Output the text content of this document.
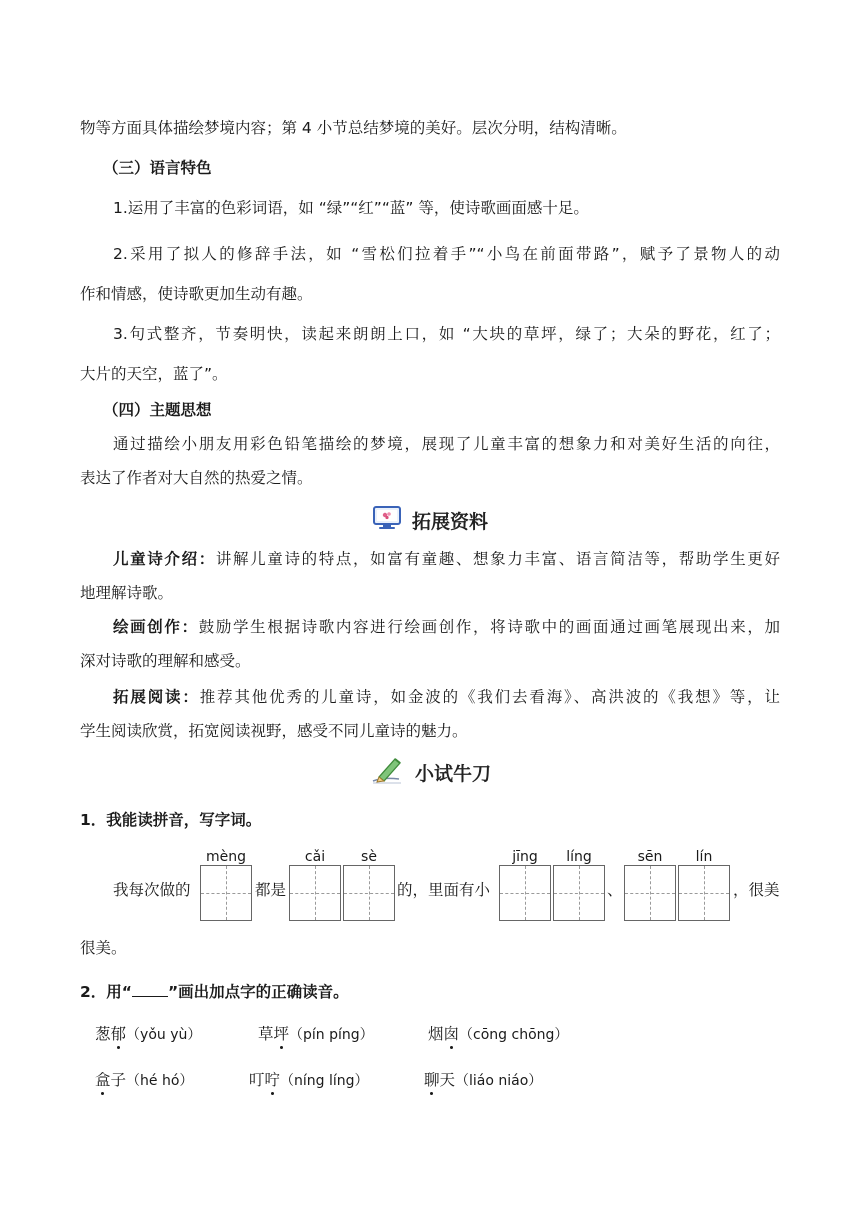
物等方面具体描绘梦境内容；第 4 小节总结梦境的美好。层次分明，结构清晰。
（三）语言特色
1.运用了丰富的色彩词语，如 “绿”“红”“蓝” 等，使诗歌画面感十足。
2.采用了拟人的修辞手法，如 “雪松们拉着手”“小鸟在前面带路”，赋予了景物人的动
作和情感，使诗歌更加生动有趣。
3.句式整齐，节奏明快，读起来朗朗上口，如 “大块的草坪，绿了；大朵的野花，红了；
大片的天空，蓝了”。
（四）主题思想
通过描绘小朋友用彩色铅笔描绘的梦境，展现了儿童丰富的想象力和对美好生活的向往，
表达了作者对大自然的热爱之情。
拓展资料
儿童诗介绍：讲解儿童诗的特点，如富有童趣、想象力丰富、语言简洁等，帮助学生更好
地理解诗歌。
绘画创作：鼓励学生根据诗歌内容进行绘画创作，将诗歌中的画面通过画笔展现出来，加
深对诗歌的理解和感受。
拓展阅读：推荐其他优秀的儿童诗，如金波的《我们去看海》、高洪波的《我想》等，让
学生阅读欣赏，拓宽阅读视野，感受不同儿童诗的魅力。
小试牛刀
1．我能读拼音，写字词。
mèng	cǎi	sè	jīng líng	sēn lín
我每次做的	都是	的，里面有小	、	，很美
很美。
2．用“ ”画出加点字的正确读音。
葱郁（yǒu yù）	草坪（pín píng）	烟囱（cōng chōng）
盒子（hé hó）	叮咛（níng líng）	聊天（liáo niáo）
